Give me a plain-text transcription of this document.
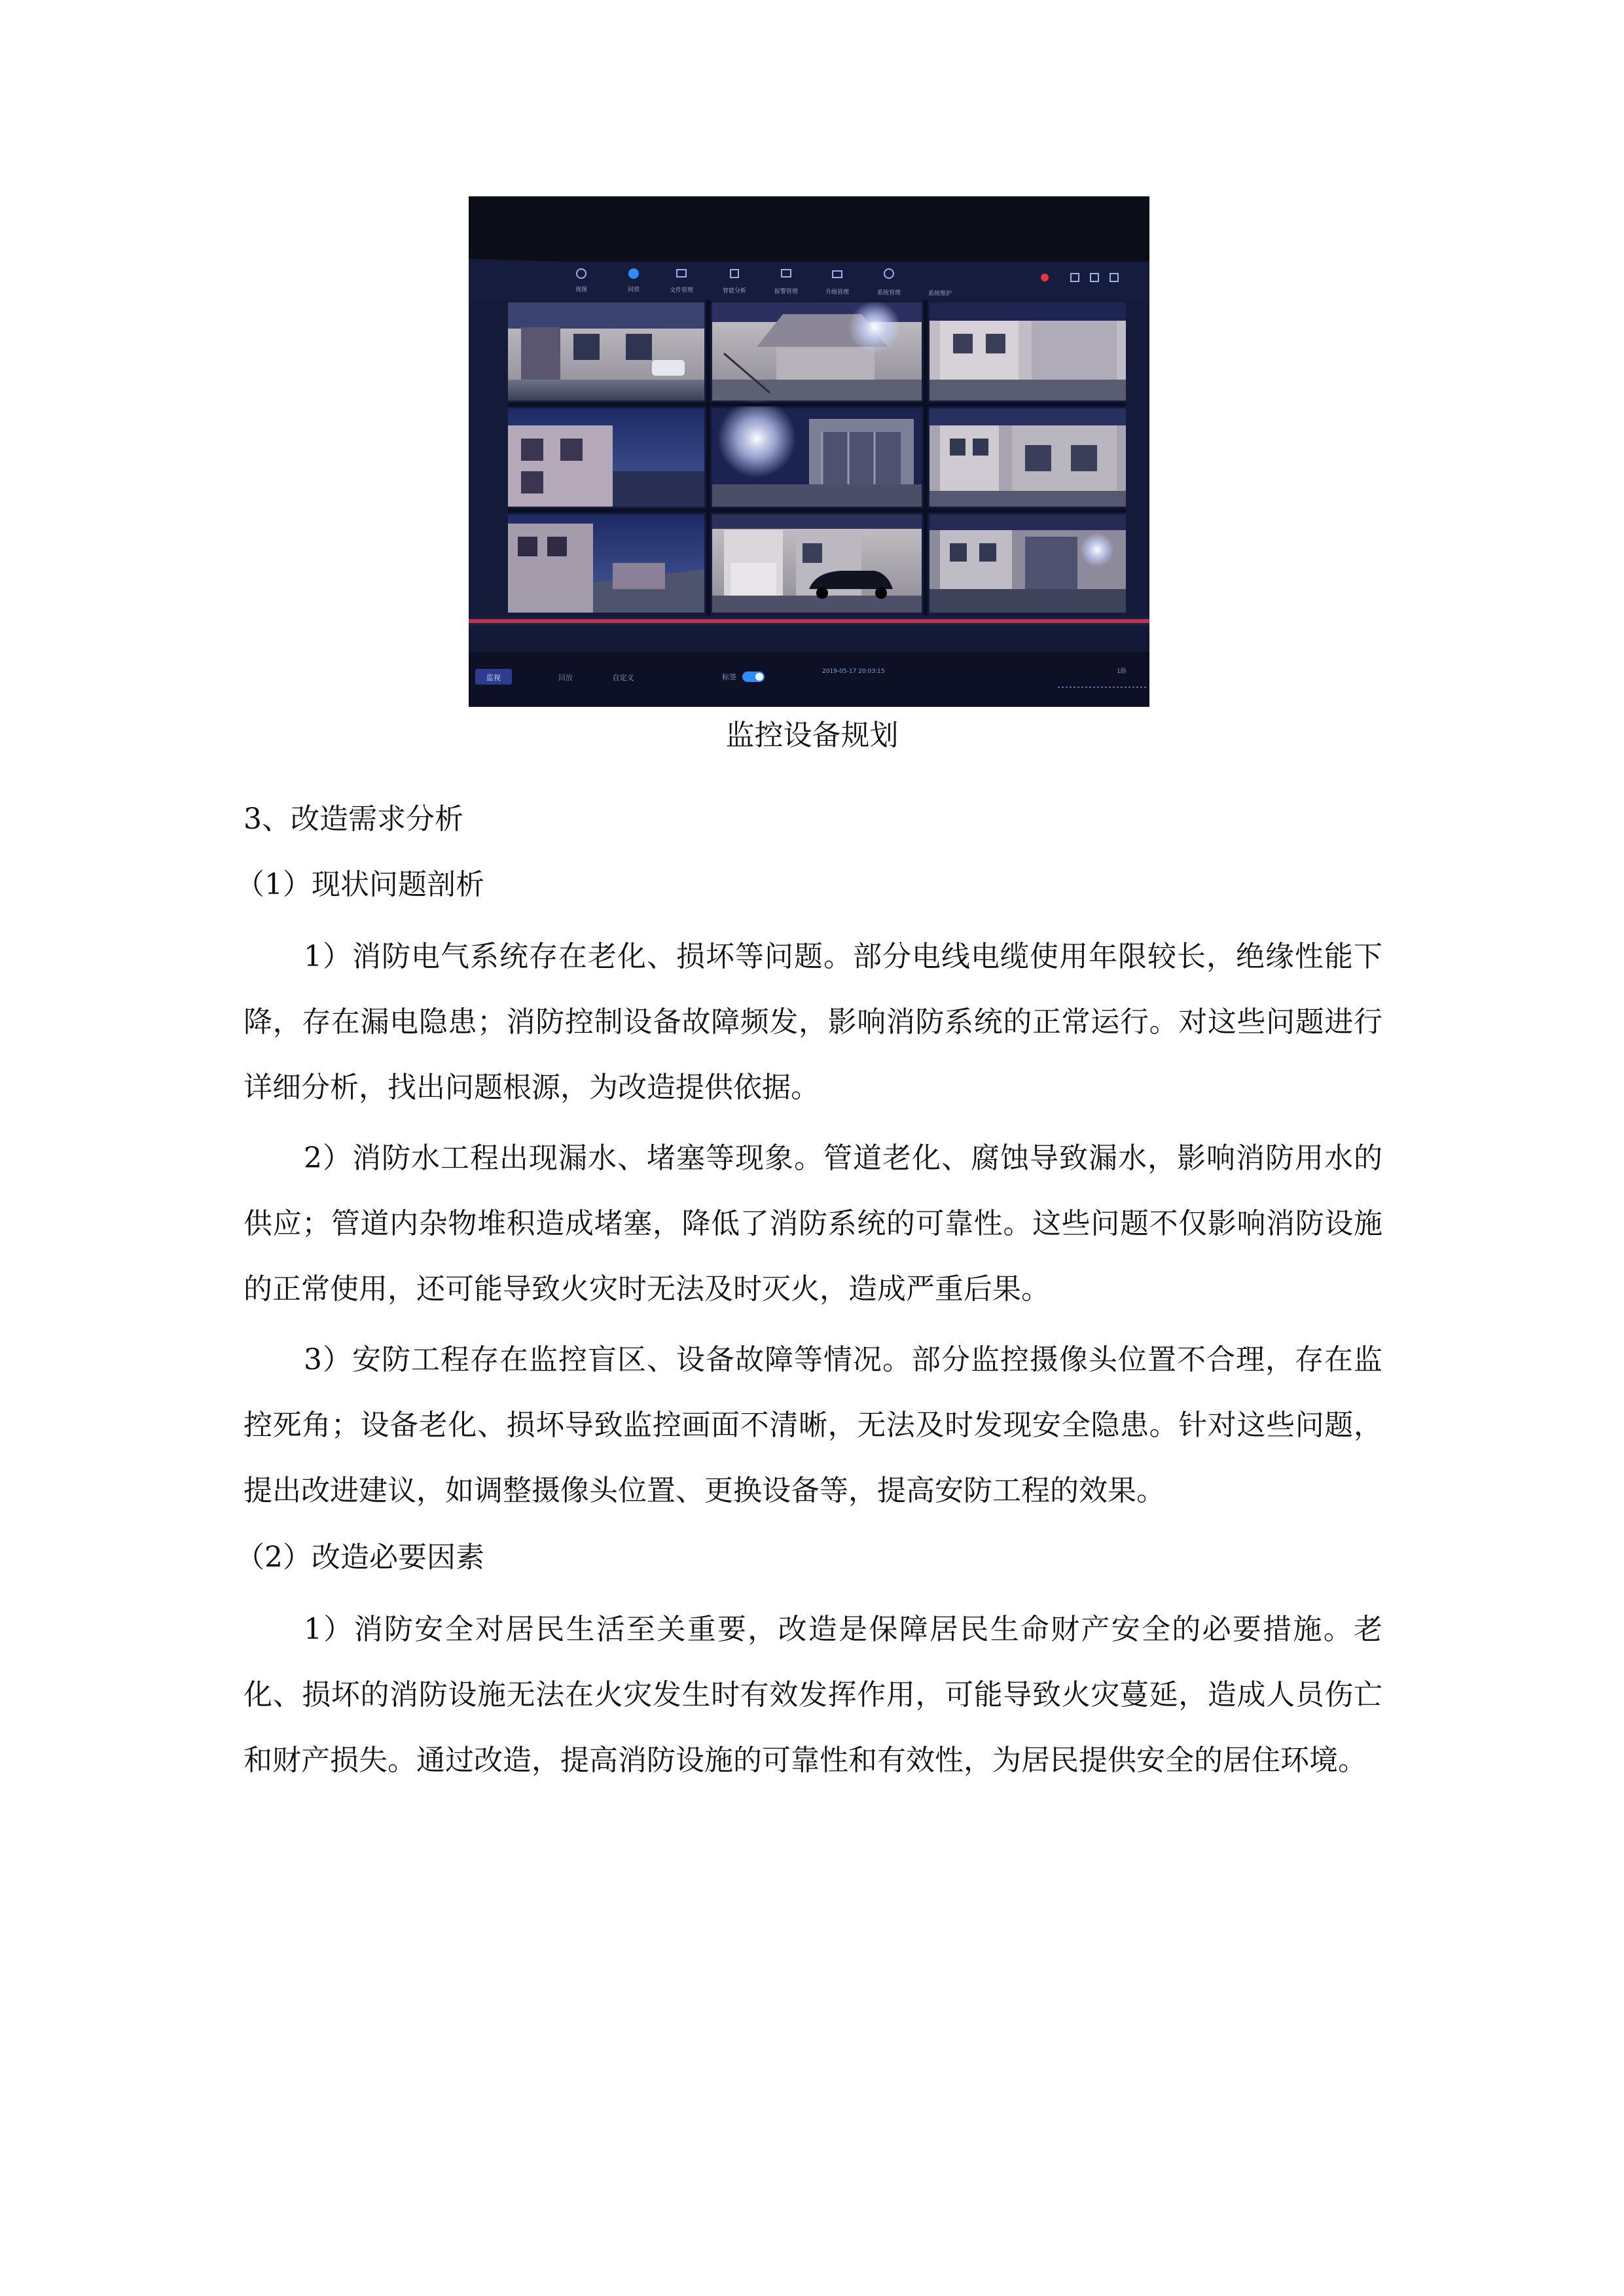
视图	回放	文件管理	智能分析	报警管理	升级管理	系统管理	系统维护
监视	回放	自定义	标签
2019-05-17 20:03:15	1路
监控设备规划
3、改造需求分析
（1）现状问题剖析

1）消防电气系统存在老化、损坏等问题。部分电线电缆使用年限较长，绝缘性能下降，存在漏电隐患；消防控制设备故障频发，影响消防系统的正常运行。对这些问题进行详细分析，找出问题根源，为改造提供依据。

2）消防水工程出现漏水、堵塞等现象。管道老化、腐蚀导致漏水，影响消防用水的供应；管道内杂物堆积造成堵塞，降低了消防系统的可靠性。这些问题不仅影响消防设施的正常使用，还可能导致火灾时无法及时灭火，造成严重后果。

3）安防工程存在监控盲区、设备故障等情况。部分监控摄像头位置不合理，存在监控死角；设备老化、损坏导致监控画面不清晰，无法及时发现安全隐患。针对这些问题，提出改进建议，如调整摄像头位置、更换设备等，提高安防工程的效果。

（2）改造必要因素

1）消防安全对居民生活至关重要，改造是保障居民生命财产安全的必要措施。老化、损坏的消防设施无法在火灾发生时有效发挥作用，可能导致火灾蔓延，造成人员伤亡和财产损失。通过改造，提高消防设施的可靠性和有效性，为居民提供安全的居住环境。
